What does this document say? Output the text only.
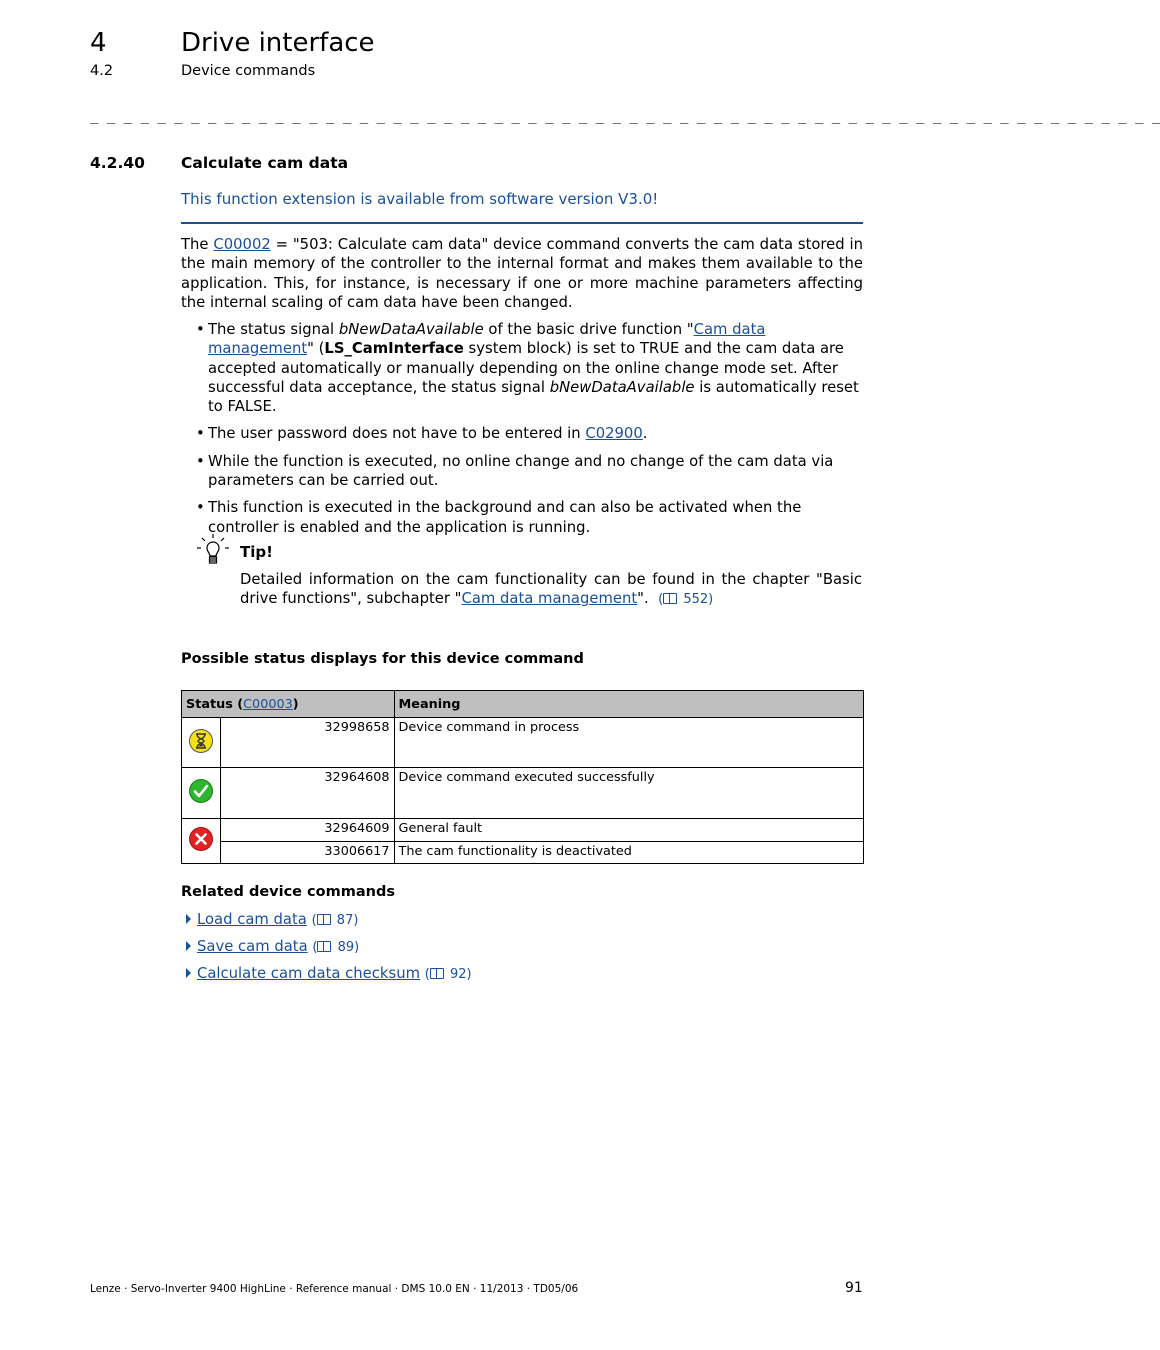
4	Drive interface
4.2	Device commands
_ _ _ _ _ _ _ _ _ _ _ _ _ _ _ _ _ _ _ _ _ _ _ _ _ _ _ _ _ _ _ _ _ _ _ _ _ _ _ _ _ _ _ _ _ _ _ _ _ _ _ _ _ _ _ _ _ _ _ _ _ _ _ _
4.2.40 Calculate cam data
This function extension is available from software version V3.0!
The C00002 = "503: Calculate cam data" device command converts the cam data stored in the main memory of the controller to the internal format and makes them available to the application. This, for instance, is necessary if one or more machine parameters affecting the internal scaling of cam data have been changed.
• The status signal bNewDataAvailable of the basic drive function "Cam data management" (LS_CamInterface system block) is set to TRUE and the cam data are accepted automatically or manually depending on the online change mode set. After successful data acceptance, the status signal bNewDataAvailable is automatically reset to FALSE.
• The user password does not have to be entered in C02900.
• While the function is executed, no online change and no change of the cam data via parameters can be carried out.
• This function is executed in the background and can also be activated when the controller is enabled and the application is running.
Tip!
Detailed information on the cam functionality can be found in the chapter "Basic drive functions", subchapter "Cam data management". ( 552)
Possible status displays for this device command
Status (C00003)		Meaning
	32998658	Device command in process
	32964608	Device command executed successfully
	32964609	General fault
	33006617	The cam functionality is deactivated
Related device commands
Load cam data ( 87)
Save cam data ( 89)
Calculate cam data checksum ( 92)
Lenze · Servo-Inverter 9400 HighLine · Reference manual · DMS 10.0 EN · 11/2013 · TD05/06	91
